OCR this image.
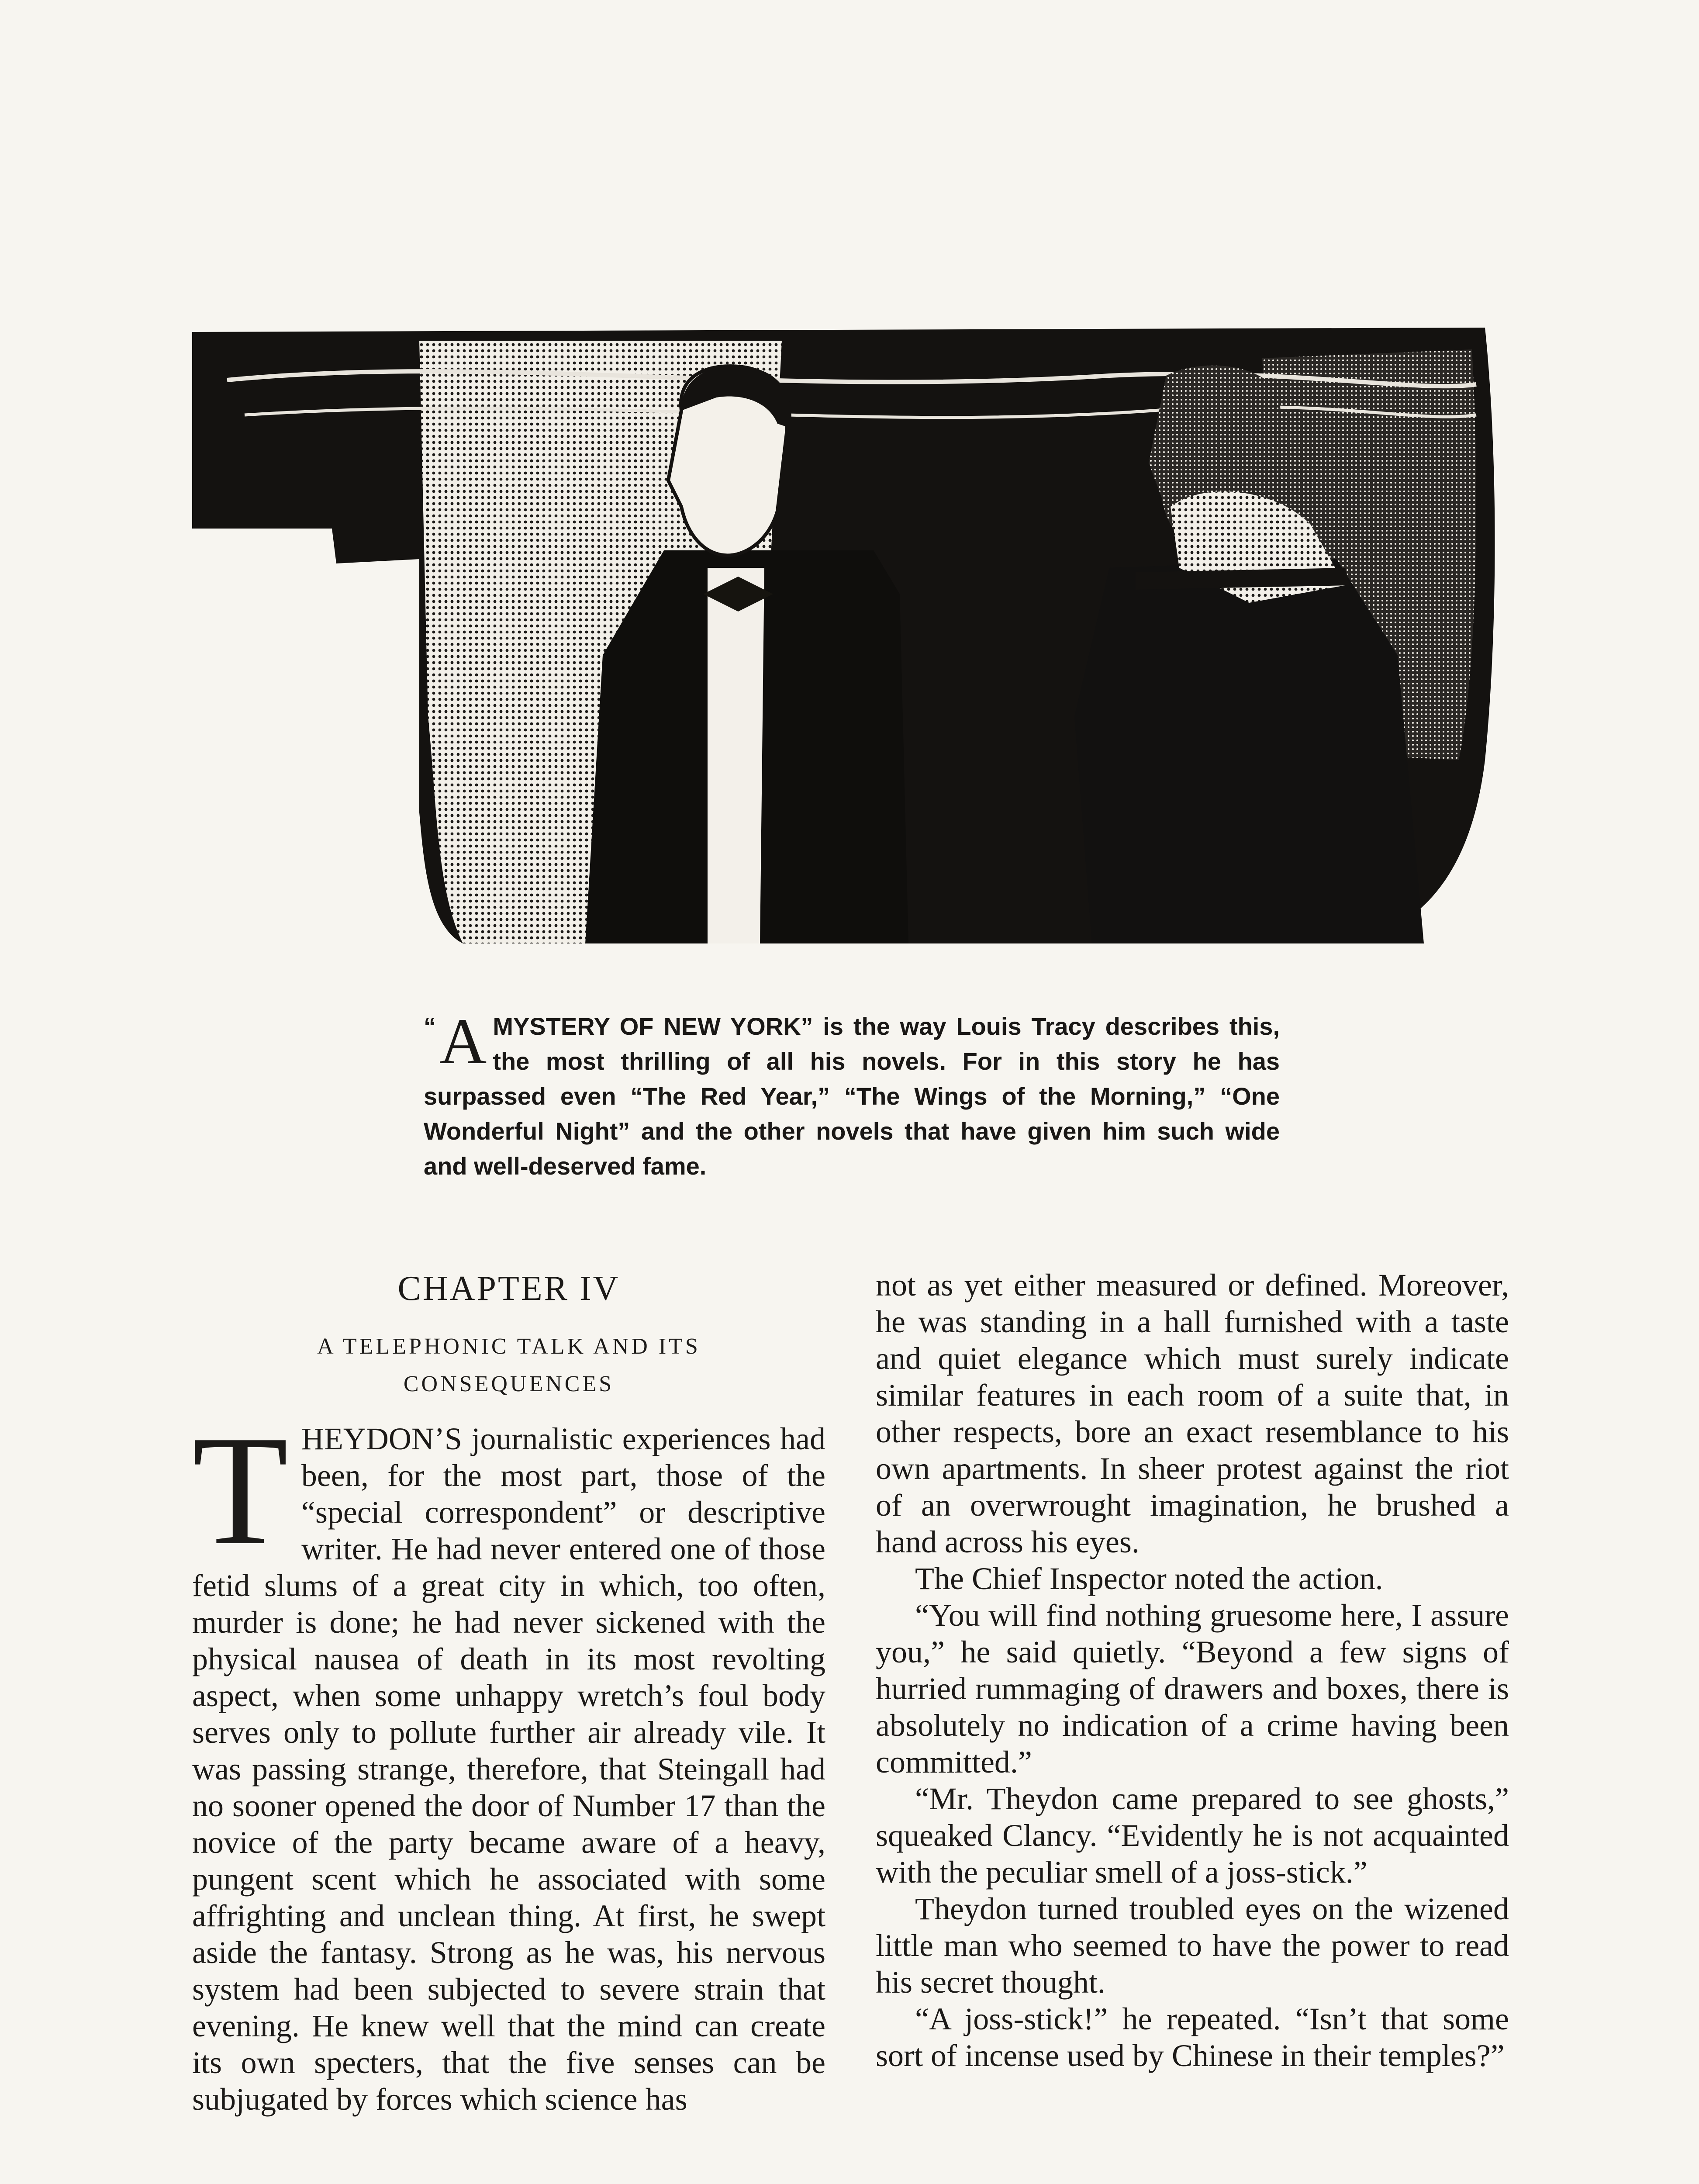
“ A MYSTERY OF NEW YORK” is the way Louis Tracy describes this, the most thrilling of all his novels. For in this story he has surpassed even “The Red Year,” “The Wings of the Morning,” “One Wonderful Night” and the other novels that have given him such wide and well-deserved fame.
CHAPTER IV
A TELEPHONIC TALK AND ITS CONSEQUENCES

THEYDON’S journalistic experiences had been, for the most part, those of the “special correspondent” or descriptive writer. He had never entered one of those fetid slums of a great city in which, too often, murder is done; he had never sickened with the physical nausea of death in its most revolting aspect, when some unhappy wretch’s foul body serves only to pollute further air already vile. It was passing strange, therefore, that Steingall had no sooner opened the door of Number 17 than the novice of the party became aware of a heavy, pungent scent which he associated with some affrighting and unclean thing. At first, he swept aside the fantasy. Strong as he was, his nervous system had been subjected to severe strain that evening. He knew well that the mind can create its own specters, that the five senses can be subjugated by forces which science has

not as yet either measured or defined. Moreover, he was standing in a hall furnished with a taste and quiet elegance which must surely indicate similar features in each room of a suite that, in other respects, bore an exact resemblance to his own apartments. In sheer protest against the riot of an overwrought imagination, he brushed a hand across his eyes.

The Chief Inspector noted the action.

“You will find nothing gruesome here, I assure you,” he said quietly. “Beyond a few signs of hurried rummaging of drawers and boxes, there is absolutely no indication of a crime having been committed.”

“Mr. Theydon came prepared to see ghosts,” squeaked Clancy. “Evidently he is not acquainted with the peculiar smell of a joss-stick.”

Theydon turned troubled eyes on the wizened little man who seemed to have the power to read his secret thought.

“A joss-stick!” he repeated. “Isn’t that some sort of incense used by Chinese in their temples?”
